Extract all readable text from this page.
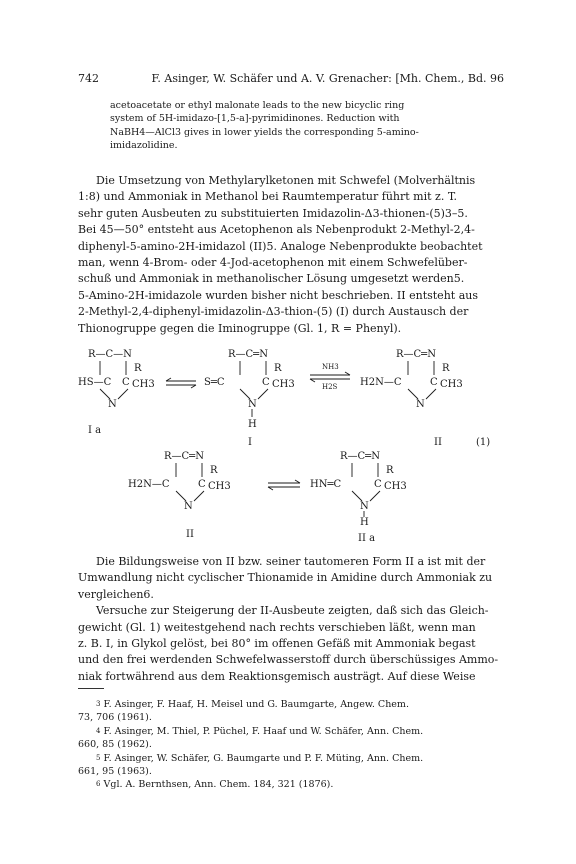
742	F. Asinger, W. Schäfer und A. V. Grenacher: [Mh. Chem., Bd. 96
acetoacetate or ethyl malonate leads to the new bicyclic ring
system of 5H-imidazo-[1,5-a]-pyrimidinones. Reduction with
NaBH4—AlCl3 gives in lower yields the corresponding 5-amino-
imidazolidine.
Die Umsetzung von Methylarylketonen mit Schwefel (Molverhältnis
1:8) und Ammoniak in Methanol bei Raumtemperatur führt mit z. T.
sehr guten Ausbeuten zu substituierten Imidazolin-Δ3-thionen-(5)3–5.
Bei 45—50° entsteht aus Acetophenon als Nebenprodukt 2-Methyl-2,4-
diphenyl-5-amino-2H-imidazol (II)5. Analoge Nebenprodukte beobachtet
man, wenn 4-Brom- oder 4-Jod-acetophenon mit einem Schwefelüber-
schuß und Ammoniak in methanolischer Lösung umgesetzt werden5.
5-Amino-2H-imidazole wurden bisher nicht beschrieben. II entsteht aus
2-Methyl-2,4-diphenyl-imidazolin-Δ3-thion-(5) (I) durch Austausch der
Thionogruppe gegen die Iminogruppe (Gl. 1, R = Phenyl).
R—C—N
R
HS—C C CH3
N
I a
R—C═N
R
S═C	C CH3
N
H
I
NH3
H2S
R—C═N
R
H2N—C	C CH3
N
II	(1)
R—C═N
R
H2N—C	C CH3
N
II
R—C═N
R
HN═C	C CH3
N
H
II a
Die Bildungsweise von II bzw. seiner tautomeren Form II a ist mit der
Umwandlung nicht cyclischer Thionamide in Amidine durch Ammoniak zu
vergleichen6.
Versuche zur Steigerung der II-Ausbeute zeigten, daß sich das Gleich-
gewicht (Gl. 1) weitestgehend nach rechts verschieben läßt, wenn man
z. B. I, in Glykol gelöst, bei 80° im offenen Gefäß mit Ammoniak begast
und den frei werdenden Schwefelwasserstoff durch überschüssiges Ammo-
niak fortwährend aus dem Reaktionsgemisch austrägt. Auf diese Weise
$^3$ F. Asinger, F. Haaf, H. Meisel und G. Baumgarte, Angew. Chem.
73, 706 (1961).
$^4$ F. Asinger, M. Thiel, P. Püchel, F. Haaf und W. Schäfer, Ann. Chem.
660, 85 (1962).
$^5$ F. Asinger, W. Schäfer, G. Baumgarte und P. F. Müting, Ann. Chem.
661, 95 (1963).
$^6$ Vgl. A. Bernthsen, Ann. Chem. 184, 321 (1876).
